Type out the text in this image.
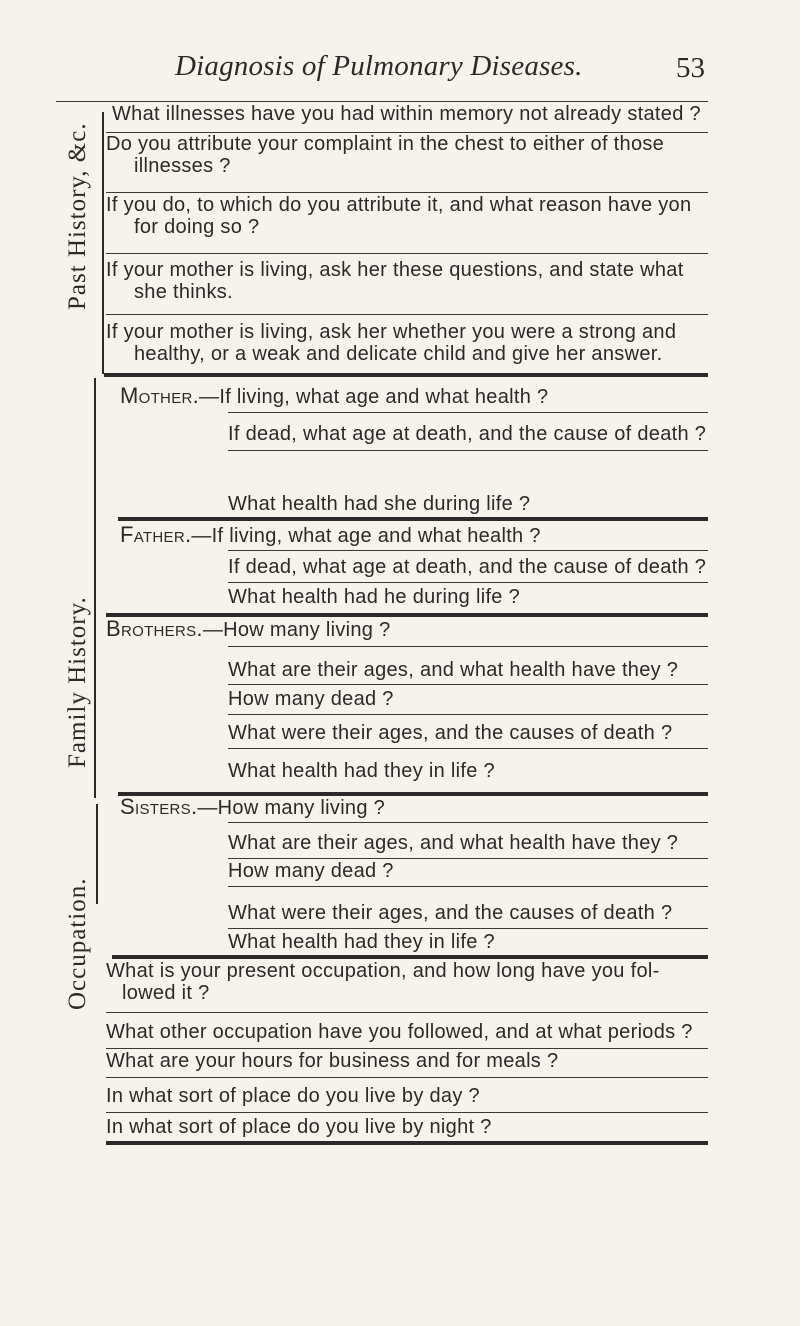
Diagnosis of Pulmonary Diseases.	53
Past History, &c.
Family History.
Occupation.
What illnesses have you had within memory not already stated ?
Do you attribute your complaint in the chest to either of those
illnesses ?
If you do, to which do you attribute it, and what reason have yon
for doing so ?
If your mother is living, ask her these questions, and state what
she thinks.
If your mother is living, ask her whether you were a strong and
healthy, or a weak and delicate child and give her answer.
Mother.—If living, what age and what health ?
If dead, what age at death, and the cause of death ?
What health had she during life ?
Father.—If living, what age and what health ?
If dead, what age at death, and the cause of death ?
What health had he during life ?
Brothers.—How many living ?
What are their ages, and what health have they ?
How many dead ?
What were their ages, and the causes of death ?
What health had they in life ?
Sisters.—How many living ?
What are their ages, and what health have they ?
How many dead ?
What were their ages, and the causes of death ?
What health had they in life ?
What is your present occupation, and how long have you fol-
lowed it ?
What other occupation have you followed, and at what periods ?
What are your hours for business and for meals ?
In what sort of place do you live by day ?
In what sort of place do you live by night ?
